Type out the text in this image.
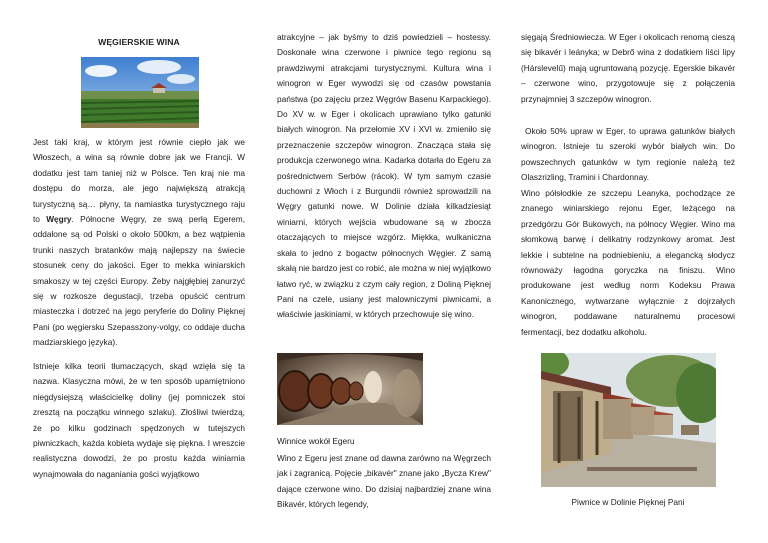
WĘGIERSKIE WINA

Jest taki kraj, w którym jest równie ciepło jak we Włoszech, a wina są równie dobre jak we Francji. W dodatku jest tam taniej niż w Polsce. Ten kraj nie ma dostępu do morza, ale jego największą atrakcją turystyczną są… płyny, ta namiastka turystycznego raju to Węgry. Północne Węgry, ze swą perłą Egerem, oddalone są od Polski o około 500km, a bez wątpienia trunki naszych bratanków mają najlepszy na świecie stosunek ceny do jakości. Eger to mekka winiarskich smakoszy w tej części Europy. Żeby najgłębiej zanurzyć się w rozkosze degustacji, trzeba opuścić centrum miasteczka i dotrzeć na jego peryferie do Doliny Pięknej Pani (po węgiersku Szepasszony-volgy, co oddaje ducha madziarskiego języka).

Istnieje kilka teorii tłumaczących, skąd wzięła się ta nazwa. Klasyczna mówi, że w ten sposób upamiętniono niegdysiejszą właścicielkę doliny (jej pomniczek stoi zresztą na początku winnego szlaku). Złośliwi twierdzą, że po kilku godzinach spędzonych w tutejszych piwniczkach, każda kobieta wydaje się piękna. I wreszcie realistyczna dowodzi, że po prostu każda winiarnia wynajmowała do naganiania gości wyjątkowo

atrakcyjne – jak byśmy to dziś powiedzieli – hostessy. Doskonałe wina czerwone i piwnice tego regionu są prawdziwymi atrakcjami turystycznymi. Kultura wina i winogron w Eger wywodzi się od czasów powstania państwa (po zajęciu przez Węgrów Basenu Karpackiego). Do XV w. w Eger i okolicach uprawiano tylko gatunki białych winogron. Na przełomie XV i XVI w. zmieniło się przeznaczenie szczepów winogron. Znacząca stała się produkcja czerwonego wina. Kadarka dotarła do Egeru za pośrednictwem Serbów (rácok). W tym samym czasie duchowni z Włoch i z Burgundii również sprowadzili na Węgry gatunki nowe. W Dolinie działa kilkadziesiąt winiarni, których wejścia wbudowane są w zbocza otaczających to miejsce wzgórz. Miękka, wulkaniczna skała to jedno z bogactw północnych Węgier. Z samą skałą nie bardzo jest co robić, ale można w niej wyjątkowo łatwo ryć, w związku z czym cały region, z Doliną Pięknej Pani na czele, usiany jest malowniczymi piwnicami, a właściwie jaskiniami, w których przechowuje się wino.

Winnice wokół Egeru

Wino z Egeru jest znane od dawna zarówno na Węgrzech jak i zagranicą. Pojęcie „bikavér" znane jako „Bycza Krew" dające czerwone wino. Do dzisiaj najbardziej znane wina Bikavér, których legendy,

sięgają Średniowiecza. W Eger i okolicach renomą cieszą się bikavér i leányka; w Debrő wina z dodatkiem liści lipy (Hárslevelű) mają ugruntowaną pozycję. Egerskie bikavér – czerwone wino, przygotowuje się z połączenia przynajmniej 3 szczepów winogron.

Około 50% upraw w Eger, to uprawa gatunków białych winogron. Istnieje tu szeroki wybór białych win. Do powszechnych gatunków w tym regionie należą też Olaszrizling, Tramini i Chardonnay.

Wino półsłodkie ze szczepu Leanyka, pochodzące ze znanego winiarskiego rejonu Eger, leżącego na przedgórzu Gór Bukowych, na północy Węgier. Wino ma słomkową barwę i delikatny rodzynkowy aromat. Jest lekkie i subtelne na podniebieniu, a elegancką słodycz równoważy łagodna goryczka na finiszu. Wino produkowane jest według norm Kodeksu Prawa Kanonicznego, wytwarzane wyłącznie z dojrzałych winogron, poddawane naturalnemu procesowi fermentacji, bez dodatku alkoholu.

Piwnice w Dolinie Pięknej Pani
